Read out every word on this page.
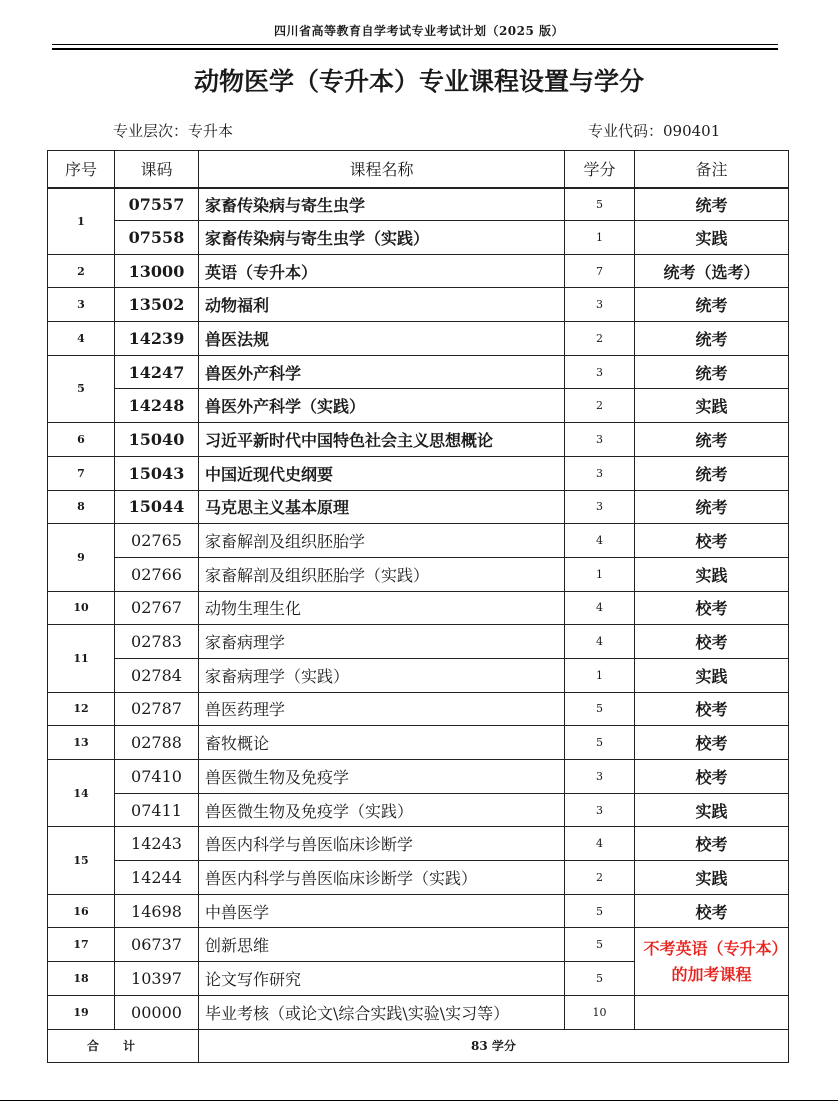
四川省高等教育自学考试专业考试计划（2025 版）
动物医学（专升本）专业课程设置与学分
专业层次：专升本	专业代码：090401
序号	课码	课程名称	学分	备注
1	07557	家畜传染病与寄生虫学	5	统考
	07558	家畜传染病与寄生虫学（实践）	1	实践
2	13000	英语（专升本）	7	统考（选考）
3	13502	动物福利	3	统考
4	14239	兽医法规	2	统考
5	14247	兽医外产科学	3	统考
	14248	兽医外产科学（实践）	2	实践
6	15040	习近平新时代中国特色社会主义思想概论	3	统考
7	15043	中国近现代史纲要	3	统考
8	15044	马克思主义基本原理	3	统考
9	02765	家畜解剖及组织胚胎学	4	校考
	02766	家畜解剖及组织胚胎学（实践）	1	实践
10	02767	动物生理生化	4	校考
11	02783	家畜病理学	4	校考
	02784	家畜病理学（实践）	1	实践
12	02787	兽医药理学	5	校考
13	02788	畜牧概论	5	校考
14	07410	兽医微生物及免疫学	3	校考
	07411	兽医微生物及免疫学（实践）	3	实践
15	14243	兽医内科学与兽医临床诊断学	4	校考
	14244	兽医内科学与兽医临床诊断学（实践）	2	实践
16	14698	中兽医学	5	校考
17	06737	创新思维	5	不考英语（专升本）的加考课程
18	10397	论文写作研究	5	
19	00000	毕业考核（或论文\综合实践\实验\实习等）	10	
合计		83 学分		
